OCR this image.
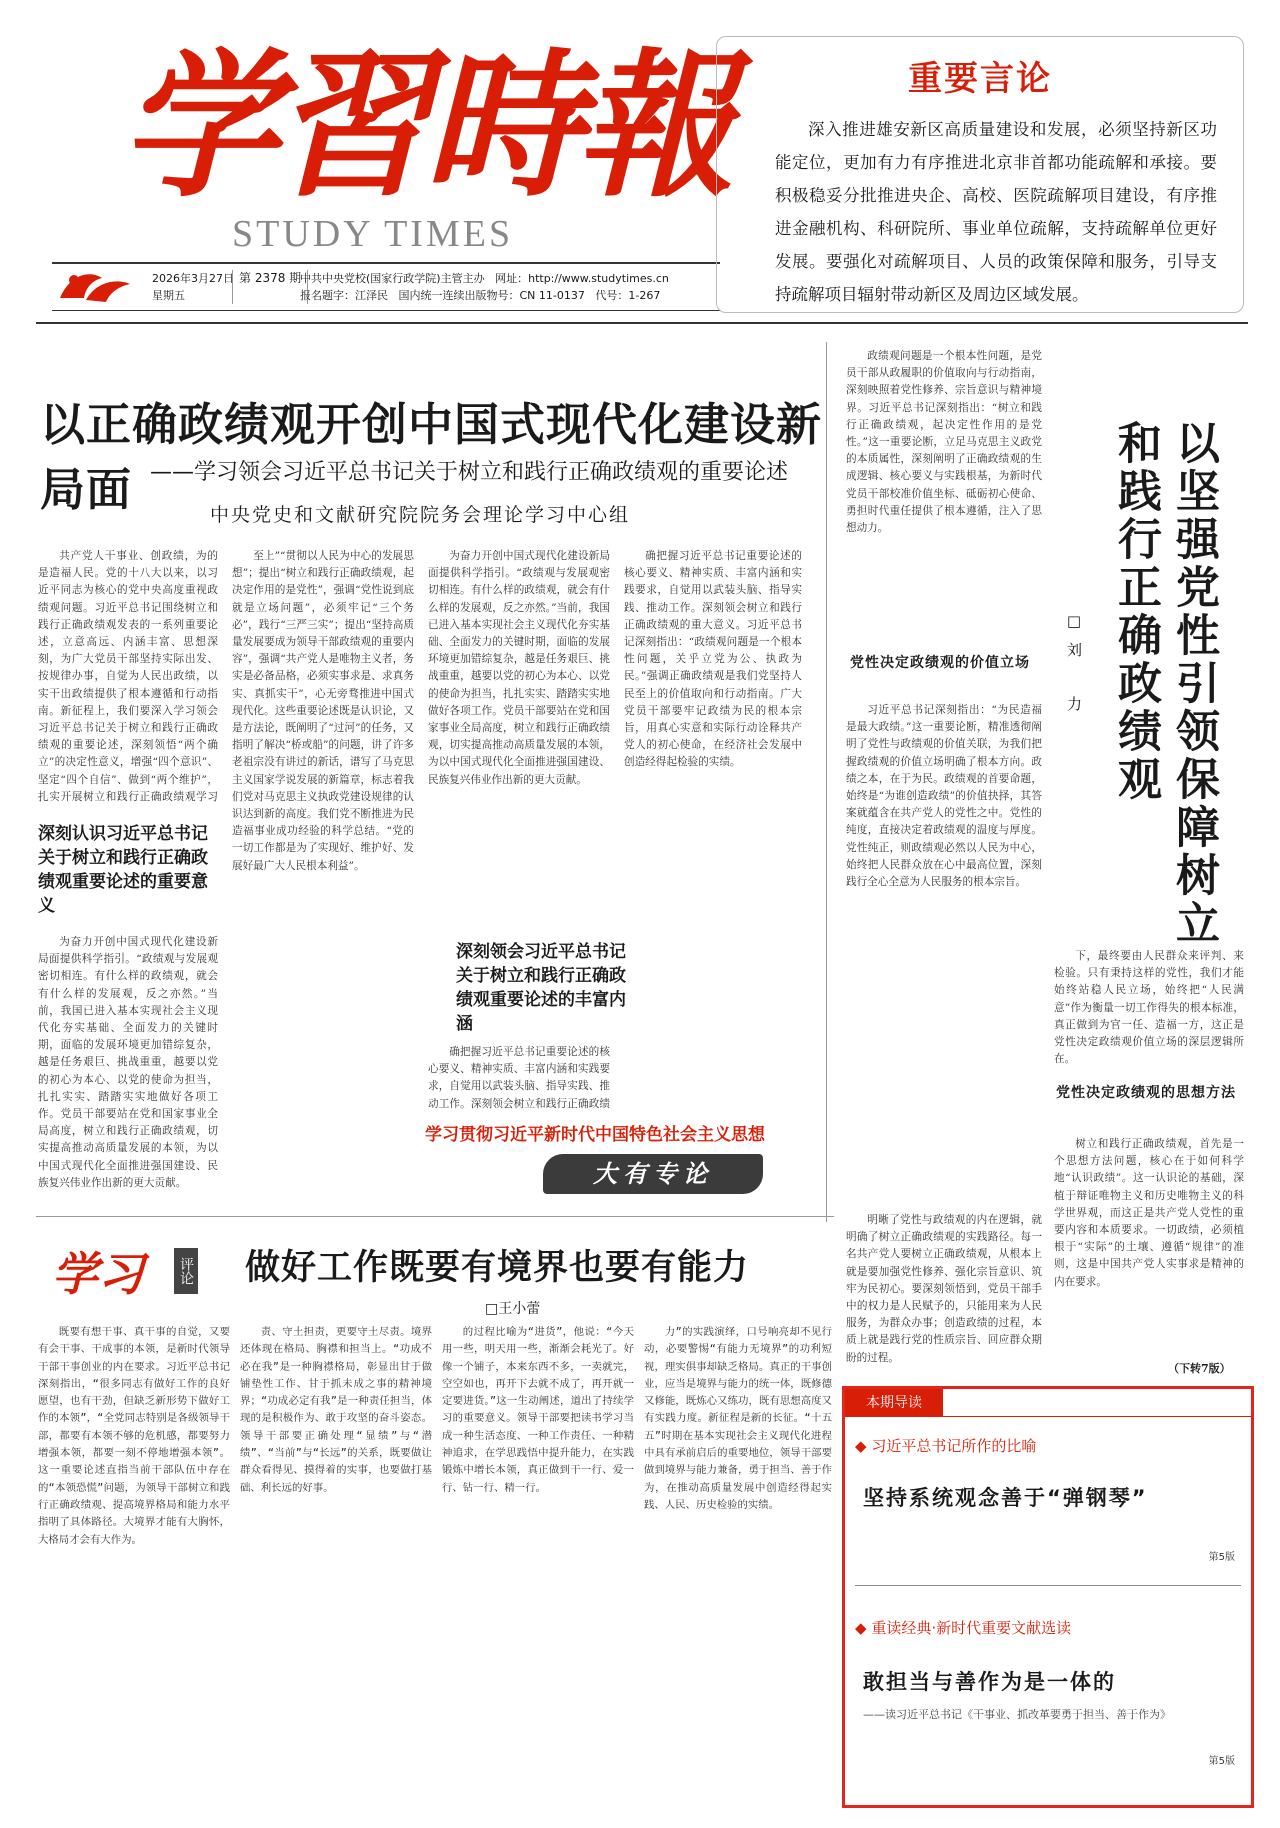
学習時報
STUDY TIMES
2026年3月27日
星期五
第 2378 期
中共中央党校(国家行政学院)主管主办 网址：http://www.studytimes.cn
报名题字：江泽民 国内统一连续出版物号：CN 11-0137 代号：1-267
重要言论
深入推进雄安新区高质量建设和发展，必须坚持新区功能定位，更加有力有序推进北京非首都功能疏解和承接。要积极稳妥分批推进央企、高校、医院疏解项目建设，有序推进金融机构、科研院所、事业单位疏解，支持疏解单位更好发展。要强化对疏解项目、人员的政策保障和服务，引导支持疏解项目辐射带动新区及周边区域发展。
以正确政绩观开创中国式现代化建设新局面 ——学习领会习近平总书记关于树立和践行正确政绩观的重要论述
中央党史和文献研究院院务会理论学习中心组

共产党人干事业、创政绩，为的是造福人民。党的十八大以来，以习近平同志为核心的党中央高度重视政绩观问题。习近平总书记围绕树立和践行正确政绩观发表的一系列重要论述，立意高远、内涵丰富、思想深刻，为广大党员干部坚持实际出发、按规律办事，自觉为人民出政绩，以实干出政绩提供了根本遵循和行动指南。新征程上，我们要深入学习领会习近平总书记关于树立和践行正确政绩观的重要论述，深刻领悟“两个确立”的决定性意义，增强“四个意识”、坚定“四个自信”、做到“两个维护”，扎实开展树立和践行正确政绩观学习

深刻认识习近平总书记关于树立和践行正确政绩观重要论述的重要意义

为奋力开创中国式现代化建设新局面提供科学指引。“政绩观与发展观密切相连。有什么样的政绩观，就会有什么样的发展观，反之亦然。”当前，我国已进入基本实现社会主义现代化夯实基础、全面发力的关键时期，面临的发展环境更加错综复杂，越是任务艰巨、挑战重重，越要以党的初心为本心、以党的使命为担当，扎扎实实、踏踏实实地做好各项工作。党员干部要站在党和国家事业全局高度，树立和践行正确政绩观，切实提高推动高质量发展的本领，为以中国式现代化全面推进强国建设、民族复兴伟业作出新的更大贡献。

至上”“贯彻以人民为中心的发展思想”；提出“树立和践行正确政绩观，起决定作用的是党性”，强调“党性说到底就是立场问题”，必须牢记“三个务必”，践行“三严三实”；提出“坚持高质量发展要成为领导干部政绩观的重要内容”，强调“共产党人是唯物主义者，务实是必备品格，必须实事求是、求真务实、真抓实干”，心无旁骛推进中国式现代化。这些重要论述既是认识论，又是方法论，既阐明了“过河”的任务，又指明了解决“桥或船”的问题，讲了许多老祖宗没有讲过的新话，谱写了马克思主义国家学说发展的新篇章，标志着我们党对马克思主义执政党建设规律的认识达到新的高度。我们党不断推进为民造福事业成功经验的科学总结。“党的一切工作都是为了实现好、维护好、发展好最广大人民根本利益”。

为奋力开创中国式现代化建设新局面提供科学指引。“政绩观与发展观密切相连。有什么样的政绩观，就会有什么样的发展观，反之亦然。”当前，我国已进入基本实现社会主义现代化夯实基础、全面发力的关键时期，面临的发展环境更加错综复杂，越是任务艰巨、挑战重重，越要以党的初心为本心、以党的使命为担当，扎扎实实、踏踏实实地做好各项工作。党员干部要站在党和国家事业全局高度，树立和践行正确政绩观，切实提高推动高质量发展的本领，为以中国式现代化全面推进强国建设、民族复兴伟业作出新的更大贡献。

深刻领会习近平总书记关于树立和践行正确政绩观重要论述的丰富内涵

确把握习近平总书记重要论述的核心要义、精神实质、丰富内涵和实践要求，自觉用以武装头脑、指导实践、推动工作。深刻领会树立和践行正确政绩

确把握习近平总书记重要论述的核心要义、精神实质、丰富内涵和实践要求，自觉用以武装头脑、指导实践、推动工作。深刻领会树立和践行正确政绩观的重大意义。习近平总书记深刻指出：“政绩观问题是一个根本性问题，关乎立党为公、执政为民。”强调正确政绩观是我们党坚持人民至上的价值取向和行动指南。广大党员干部要牢记政绩为民的根本宗旨，用真心实意和实际行动诠释共产党人的初心使命，在经济社会发展中创造经得起检验的实绩。

学习贯彻习近平新时代中国特色社会主义思想
大有专论

政绩观问题是一个根本性问题，是党员干部从政履职的价值取向与行动指南，深刻映照着党性修养、宗旨意识与精神境界。习近平总书记深刻指出：“树立和践行正确政绩观，起决定性作用的是党性。”这一重要论断，立足马克思主义政党的本质属性，深刻阐明了正确政绩观的生成逻辑、核心要义与实践根基，为新时代党员干部校准价值坐标、砥砺初心使命、勇担时代重任提供了根本遵循，注入了思想动力。	以坚强党性引领保障树立和践行正确政绩观
□刘　力
党性决定政绩观的价值立场

习近平总书记深刻指出：“为民造福是最大政绩。”这一重要论断，精准透彻阐明了党性与政绩观的价值关联，为我们把握政绩观的价值立场明确了根本方向。政绩之本，在于为民。政绩观的首要命题，始终是“为谁创造政绩”的价值抉择，其答案就蕴含在共产党人的党性之中。党性的纯度，直接决定着政绩观的温度与厚度。党性纯正，则政绩观必然以人民为中心，始终把人民群众放在心中最高位置，深刻践行全心全意为人民服务的根本宗旨。

下，最终要由人民群众来评判、来检验。只有秉持这样的党性，我们才能始终站稳人民立场，始终把“人民满意”作为衡量一切工作得失的根本标准，真正做到为官一任、造福一方，这正是党性决定政绩观价值立场的深层逻辑所在。

党性决定政绩观的思想方法

树立和践行正确政绩观，首先是一个思想方法问题，核心在于如何科学地“认识政绩”。这一认识论的基础，深植于辩证唯物主义和历史唯物主义的科学世界观，而这正是共产党人党性的重要内容和本质要求。一切政绩，必须植根于“实际”的土壤、遵循“规律”的准则，这是中国共产党人实事求是精神的内在要求。

明晰了党性与政绩观的内在逻辑，就明确了树立正确政绩观的实践路径。每一名共产党人要树立正确政绩观，从根本上就是要加强党性修养、强化宗旨意识、筑牢为民初心。要深刻领悟到，党员干部手中的权力是人民赋予的，只能用来为人民服务，为群众办事；创造政绩的过程，本质上就是践行党的性质宗旨、回应群众期盼的过程。

（下转7版）
学习 评论 做好工作既要有境界也要有能力
□王小蕾

既要有想干事、真干事的自觉，又要有会干事、干成事的本领，是新时代领导干部干事创业的内在要求。习近平总书记深刻指出，“很多同志有做好工作的良好愿望，也有干劲，但缺乏新形势下做好工作的本领”，“全党同志特别是各级领导干部，都要有本领不够的危机感，都要努力增强本领，都要一刻不停地增强本领”。这一重要论述直指当前干部队伍中存在的“本领恐慌”问题，为领导干部树立和践行正确政绩观、提高境界格局和能力水平指明了具体路径。大境界才能有大胸怀，大格局才会有大作为。

责、守土担责，更要守土尽责。境界还体现在格局、胸襟和担当上。“功成不必在我”是一种胸襟格局，彰显出甘于做铺垫性工作、甘于抓未成之事的精神境界；“功成必定有我”是一种责任担当，体现的是积极作为、敢于攻坚的奋斗姿态。领导干部要正确处理“显绩”与“潜绩”、“当前”与“长远”的关系，既要做让群众看得见、摸得着的实事，也要做打基础、利长远的好事。

的过程比喻为“进货”，他说：“今天用一些，明天用一些，渐渐会耗光了。好像一个铺子，本来东西不多，一卖就完，空空如也，再开下去就不成了，再开就一定要进货。”这一生动阐述，道出了持续学习的重要意义。领导干部要把读书学习当成一种生活态度、一种工作责任、一种精神追求，在学思践悟中提升能力，在实践锻炼中增长本领，真正做到干一行、爱一行、钻一行、精一行。

力”的实践演绎，口号响亮却不见行动，必要警惕“有能力无境界”的功利短视，理实俱事却缺乏格局。真正的干事创业，应当是境界与能力的统一体，既修德又修能，既炼心又练功，既有思想高度又有实践力度。新征程是新的长征。“十五五”时期在基本实现社会主义现代化进程中具有承前启后的重要地位，领导干部要做到境界与能力兼备，勇于担当、善于作为，在推动高质量发展中创造经得起实践、人民、历史检验的实绩。

本期导读
◆ 习近平总书记所作的比喻
坚持系统观念善于“弹钢琴”
第5版
◆ 重读经典·新时代重要文献选读
敢担当与善作为是一体的
——读习近平总书记《干事业、抓改革要勇于担当、善于作为》
第5版
